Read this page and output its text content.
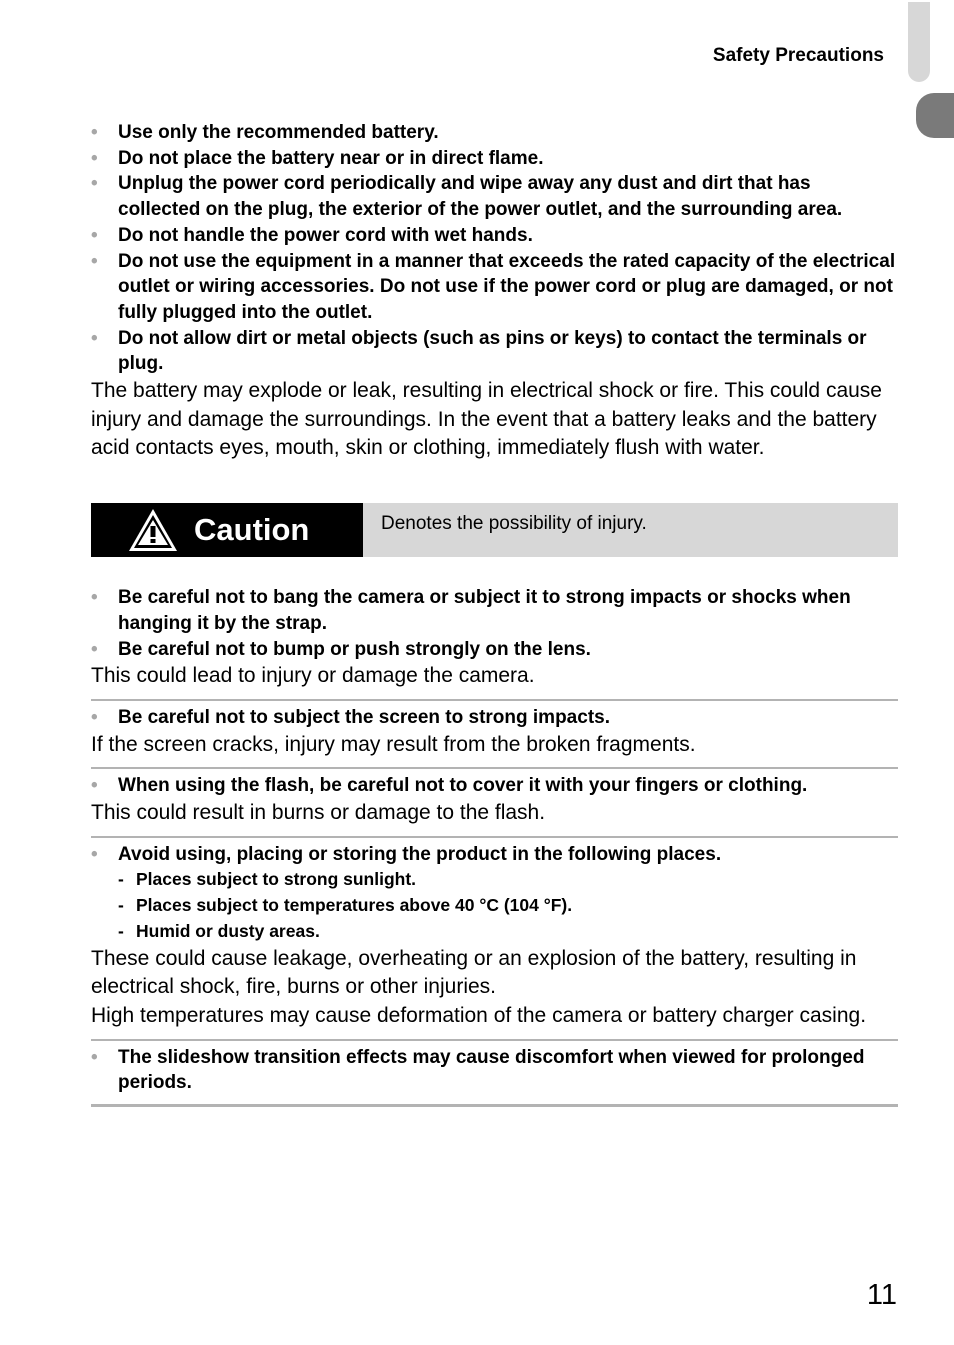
Safety Precautions
• Use only the recommended battery.
• Do not place the battery near or in direct flame.
• Unplug the power cord periodically and wipe away any dust and dirt that has collected on the plug, the exterior of the power outlet, and the surrounding area.
• Do not handle the power cord with wet hands.
• Do not use the equipment in a manner that exceeds the rated capacity of the electrical outlet or wiring accessories. Do not use if the power cord or plug are damaged, or not fully plugged into the outlet.
• Do not allow dirt or metal objects (such as pins or keys) to contact the terminals or plug.

The battery may explode or leak, resulting in electrical shock or fire. This could cause injury and damage the surroundings. In the event that a battery leaks and the battery acid contacts eyes, mouth, skin or clothing, immediately flush with water.

Caution	Denotes the possibility of injury.
• Be careful not to bang the camera or subject it to strong impacts or shocks when hanging it by the strap.
• Be careful not to bump or push strongly on the lens.

This could lead to injury or damage the camera.

• Be careful not to subject the screen to strong impacts.

If the screen cracks, injury may result from the broken fragments.

• When using the flash, be careful not to cover it with your fingers or clothing.

This could result in burns or damage to the flash.

• Avoid using, placing or storing the product in the following places.
- Places subject to strong sunlight.
- Places subject to temperatures above 40 °C (104 °F).
- Humid or dusty areas.

These could cause leakage, overheating or an explosion of the battery, resulting in electrical shock, fire, burns or other injuries.

High temperatures may cause deformation of the camera or battery charger casing.

• The slideshow transition effects may cause discomfort when viewed for prolonged periods.
11
